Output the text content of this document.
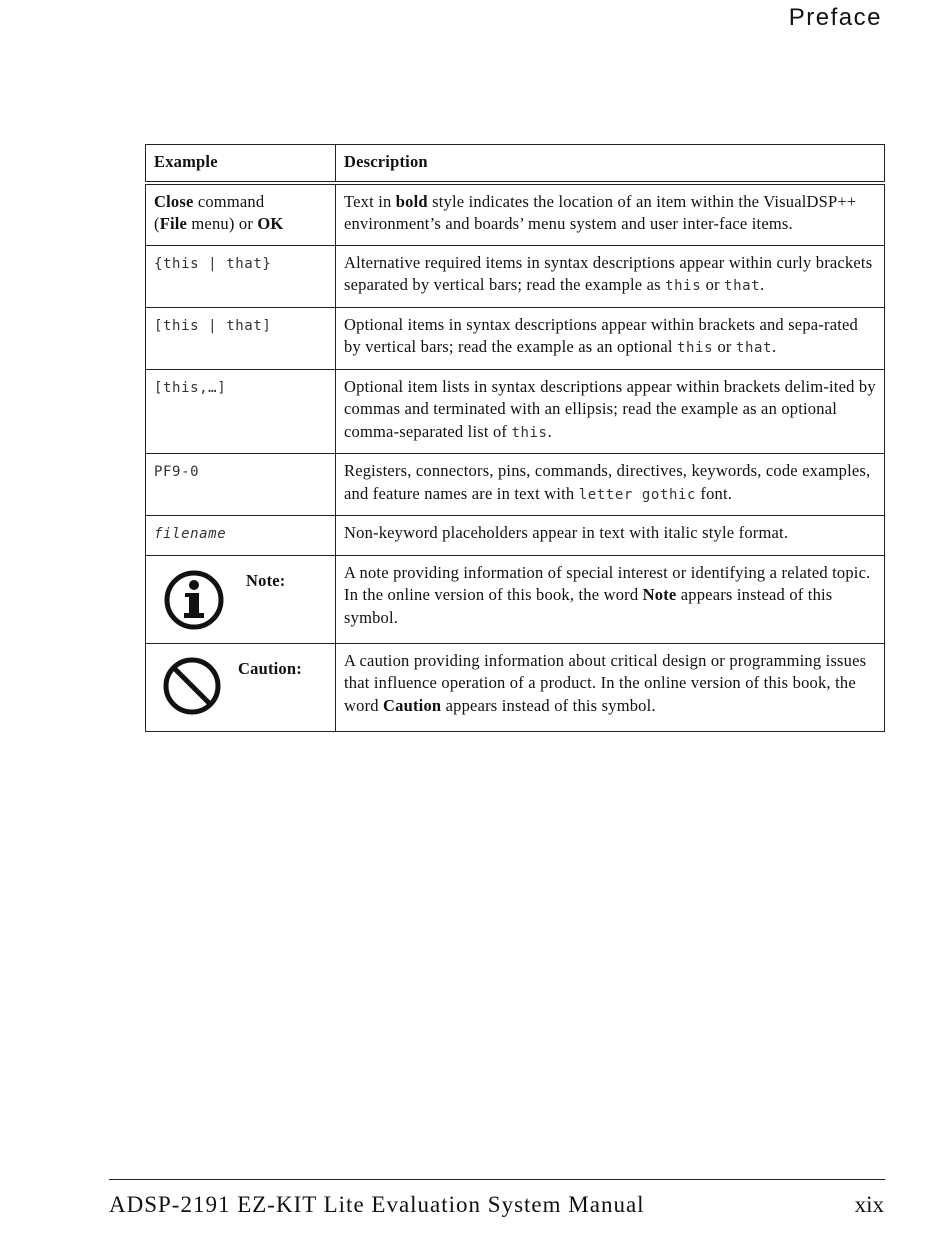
Preface
Example	Description
Close command
(File menu) or OK	Text in bold style indicates the location of an item within the VisualDSP++ environment’s and boards’ menu system and user inter-face items.
{this | that}	Alternative required items in syntax descriptions appear within curly brackets separated by vertical bars; read the example as this or that.
[this | that]	Optional items in syntax descriptions appear within brackets and sepa-rated by vertical bars; read the example as an optional this or that.
[this,…]	Optional item lists in syntax descriptions appear within brackets delim-ited by commas and terminated with an ellipsis; read the example as an optional comma-separated list of this.
PF9-0	Registers, connectors, pins, commands, directives, keywords, code examples, and feature names are in text with letter gothic font.
filename	Non-keyword placeholders appear in text with italic style format.

Note:	A note providing information of special interest or identifying a related topic. In the online version of this book, the word Note appears instead of this symbol.

Caution:	A caution providing information about critical design or programming issues that influence operation of a product. In the online version of this book, the word Caution appears instead of this symbol.
ADSP-2191 EZ-KIT Lite Evaluation System Manual	xix
